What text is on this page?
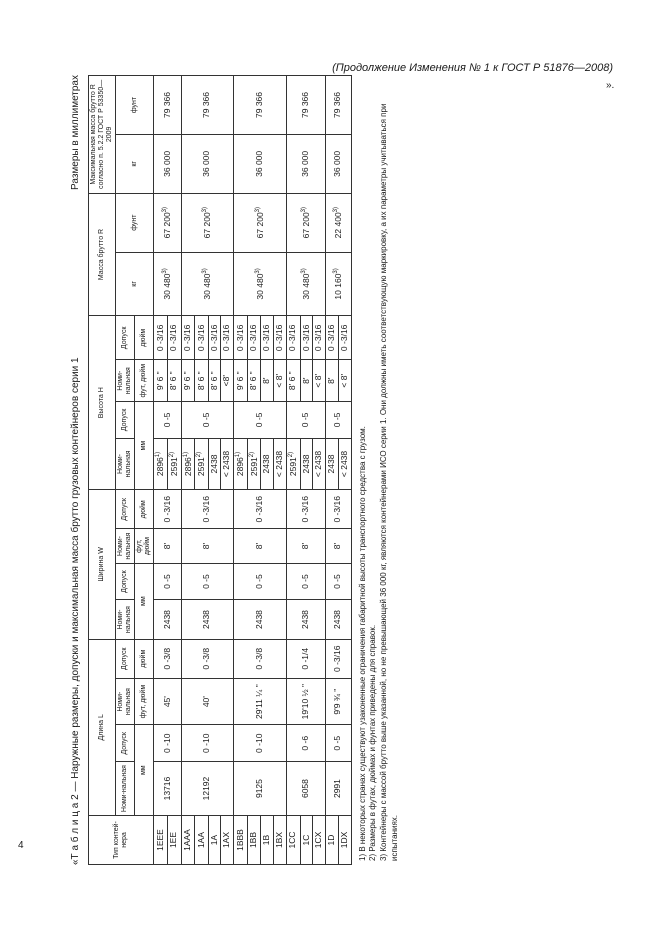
(Продолжение Изменения № 1 к ГОСТ Р 51876—2008)
4
».
«Т а б л и ц а 2 — Наружные размеры, допуски и максимальная масса брутто грузовых контейнеров серии 1
Размеры в миллиметрах
Тип контей-нера	Длина L				Ширина W				Высота H				Масса брутто R		Максимальная масса брутто R согласно п. 5.2.2 ГОСТ Р 53350—2009	
	Номи-нальная	Допуск	Номи-нальная	Допуск	Номи-нальная	Допуск	Номи-нальная	Допуск	Номи-нальная	Допуск	Номи-нальная	Допуск	кг	фунт	кг	фунт
	мм		фут, дюйм	дюйм	мм		фут, дюйм	дюйм	мм		фут, дюйм	дюйм				
1EEE	13716	0 -10	45'	0 -3/8	2438	0 -5	8'	0 -3/16	2896$^{1)}$	0 -5	9' 6 "	0 -3/16	30 480$^{3)}$	67 200$^{3)}$	36 000	79 366
1EE									2591$^{2)}$		8' 6 "	0 -3/16				
1AAA	12192	0 -10	40'	0 -3/8	2438	0 -5	8'	0 -3/16	2896$^{1)}$	0 -5	9' 6 "	0 -3/16	30 480$^{3)}$	67 200$^{3)}$	36 000	79 366
1AA									2591$^{2)}$		8' 6 "	0 -3/16				
1A									2438		8' 6 "	0 -3/16				
1AX									< 2438		<8'	0 -3/16				
1BBB	9125	0 -10	29'11 ¼ "	0 -3/8	2438	0 -5	8'	0 -3/16	2896$^{1)}$	0 -5	9' 6 "	0 -3/16	30 480$^{3)}$	67 200$^{3)}$	36 000	79 366
1BB									2591$^{2)}$		8' 6 "	0 -3/16				
1B									2438		8'	0 -3/16				
1BX									< 2438		< 8'	0 -3/16				
1CC	6058	0 -6	19'10 ½ "	0 -1/4	2438	0 -5	8'	0 -3/16	2591$^{2)}$	0 -5	8' 6 "	0 -3/16	30 480$^{3)}$	67 200$^{3)}$	36 000	79 366
1C									2438		8'	0 -3/16				
1CX									< 2438		< 8'	0 -3/16				
1D	2991	0 -5	9'9 ¾ "	0 -3/16	2438	0 -5	8'	0 -3/16	2438	0 -5	8'	0 -3/16	10 160$^{3)}$	22 400$^{3)}$	36 000	79 366
1DX									< 2438		< 8'	0 -3/16				

1) В некоторых странах существуют узаконенные ограничения габаритной высоты транспортного средства с грузом. 2) Размеры в футах, дюймах и фунтах приведены для справок. 3) Контейнеры с массой брутто выше указанной, но не превышающей 36 000 кг, являются контейнерами ИСО серии 1. Они должны иметь соответствующую маркировку, а их параметры учитываться при испытаниях.
